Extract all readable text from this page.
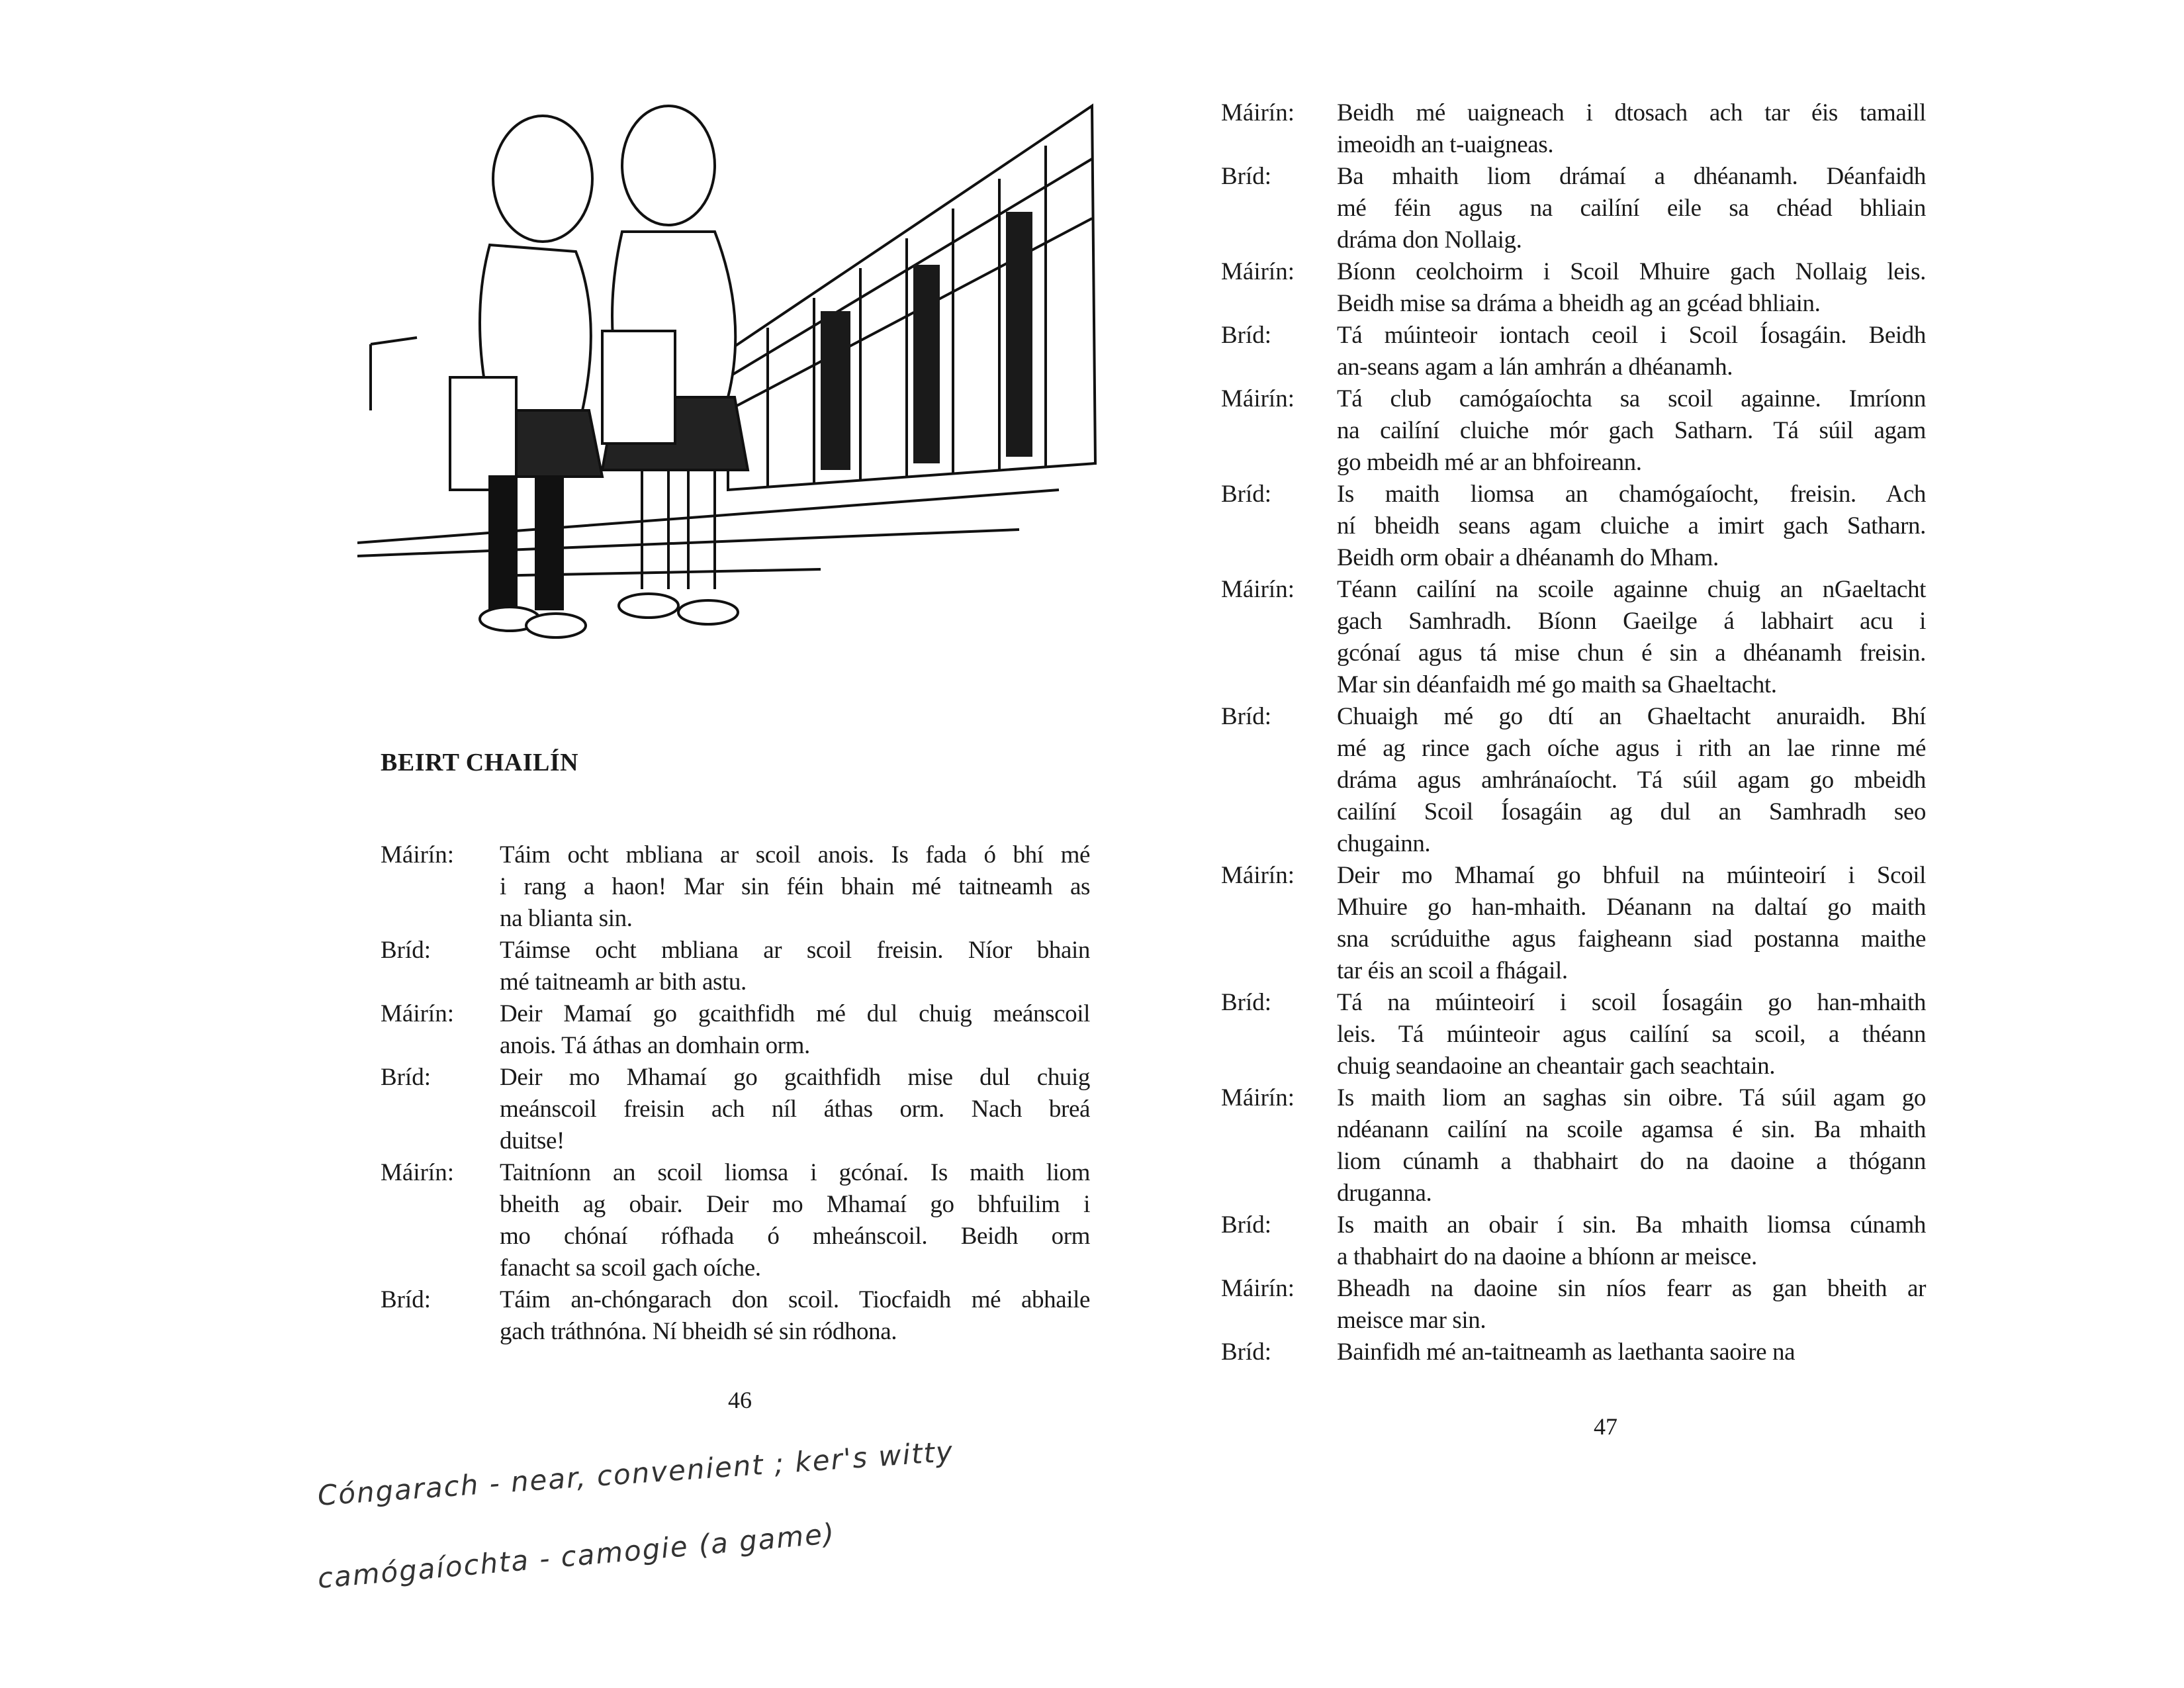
BEIRT CHAILÍN
Máirín:	Táim ocht mbliana ar scoil anois. Is fada ó bhí mé
i rang a haon! Mar sin féin bhain mé taitneamh as
na blianta sin.
Bríd:	Táimse ocht mbliana ar scoil freisin. Níor bhain
mé taitneamh ar bith astu.
Máirín:	Deir Mamaí go gcaithfidh mé dul chuig meánscoil
anois. Tá áthas an domhain orm.
Bríd:	Deir mo Mhamaí go gcaithfidh mise dul chuig
meánscoil freisin ach níl áthas orm. Nach breá
duitse!
Máirín:	Taitníonn an scoil liomsa i gcónaí. Is maith liom
bheith ag obair. Deir mo Mhamaí go bhfuilim i
mo chónaí rófhada ó mheánscoil. Beidh orm
fanacht sa scoil gach oíche.
Bríd:	Táim an-chóngarach don scoil. Tiocfaidh mé abhaile
gach tráthnóna. Ní bheidh sé sin ródhona.
46
Cóngarach - near, convenient ; ker's witty
camógaíochta - camogie (a game)
Máirín:	Beidh mé uaigneach i dtosach ach tar éis tamaill
imeoidh an t-uaigneas.
Bríd:	Ba mhaith liom drámaí a dhéanamh. Déanfaidh
mé féin agus na cailíní eile sa chéad bhliain
dráma don Nollaig.
Máirín:	Bíonn ceolchoirm i Scoil Mhuire gach Nollaig leis.
Beidh mise sa dráma a bheidh ag an gcéad bhliain.
Bríd:	Tá múinteoir iontach ceoil i Scoil Íosagáin. Beidh
an-seans agam a lán amhrán a dhéanamh.
Máirín:	Tá club camógaíochta sa scoil againne. Imríonn
na cailíní cluiche mór gach Satharn. Tá súil agam
go mbeidh mé ar an bhfoireann.
Bríd:	Is maith liomsa an chamógaíocht, freisin. Ach
ní bheidh seans agam cluiche a imirt gach Satharn.
Beidh orm obair a dhéanamh do Mham.
Máirín:	Téann cailíní na scoile againne chuig an nGaeltacht
gach Samhradh. Bíonn Gaeilge á labhairt acu i
gcónaí agus tá mise chun é sin a dhéanamh freisin.
Mar sin déanfaidh mé go maith sa Ghaeltacht.
Bríd:	Chuaigh mé go dtí an Ghaeltacht anuraidh. Bhí
mé ag rince gach oíche agus i rith an lae rinne mé
dráma agus amhránaíocht. Tá súil agam go mbeidh
cailíní Scoil Íosagáin ag dul an Samhradh seo
chugainn.
Máirín:	Deir mo Mhamaí go bhfuil na múinteoirí i Scoil
Mhuire go han-mhaith. Déanann na daltaí go maith
sna scrúduithe agus faigheann siad postanna maithe
tar éis an scoil a fhágail.
Bríd:	Tá na múinteoirí i scoil Íosagáin go han-mhaith
leis. Tá múinteoir agus cailíní sa scoil, a théann
chuig seandaoine an cheantair gach seachtain.
Máirín:	Is maith liom an saghas sin oibre. Tá súil agam go
ndéanann cailíní na scoile agamsa é sin. Ba mhaith
liom cúnamh a thabhairt do na daoine a thógann
druganna.
Bríd:	Is maith an obair í sin. Ba mhaith liomsa cúnamh
a thabhairt do na daoine a bhíonn ar meisce.
Máirín:	Bheadh na daoine sin níos fearr as gan bheith ar
meisce mar sin.
Bríd:	Bainfidh mé an-taitneamh as laethanta saoire na
47
